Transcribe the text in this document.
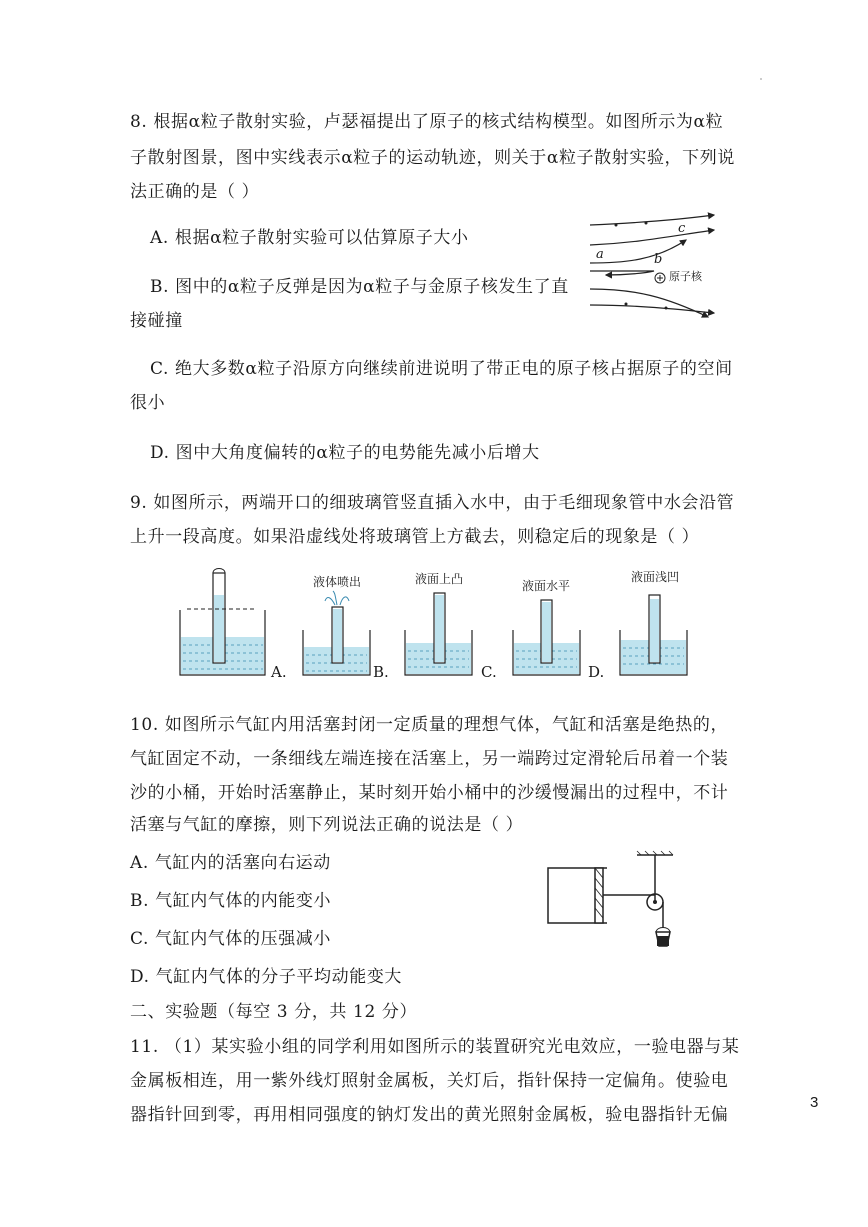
8. 根据α粒子散射实验，卢瑟福提出了原子的核式结构模型。如图所示为α粒
子散射图景，图中实线表示α粒子的运动轨迹，则关于α粒子散射实验，下列说
法正确的是（ ）
A. 根据α粒子散射实验可以估算原子大小
B. 图中的α粒子反弹是因为α粒子与金原子核发生了直
接碰撞
C. 绝大多数α粒子沿原方向继续前进说明了带正电的原子核占据原子的空间
很小
D. 图中大角度偏转的α粒子的电势能先减小后增大
a	b
c
原子核
9. 如图所示，两端开口的细玻璃管竖直插入水中，由于毛细现象管中水会沿管
上升一段高度。如果沿虚线处将玻璃管上方截去，则稳定后的现象是（ ）
液体喷出	液面上凸	液面水平
液面浅凹
A.	B.	C.	D.
10. 如图所示气缸内用活塞封闭一定质量的理想气体，气缸和活塞是绝热的，
气缸固定不动，一条细线左端连接在活塞上，另一端跨过定滑轮后吊着一个装
沙的小桶，开始时活塞静止，某时刻开始小桶中的沙缓慢漏出的过程中，不计
活塞与气缸的摩擦，则下列说法正确的说法是（ ）
A. 气缸内的活塞向右运动
B. 气缸内气体的内能变小
C. 气缸内气体的压强减小
D. 气缸内气体的分子平均动能变大
二、实验题（每空 3 分，共 12 分）
11. （1）某实验小组的同学利用如图所示的装置研究光电效应，一验电器与某
金属板相连，用一紫外线灯照射金属板，关灯后，指针保持一定偏角。使验电
器指针回到零，再用相同强度的钠灯发出的黄光照射金属板，验电器指针无偏
3
